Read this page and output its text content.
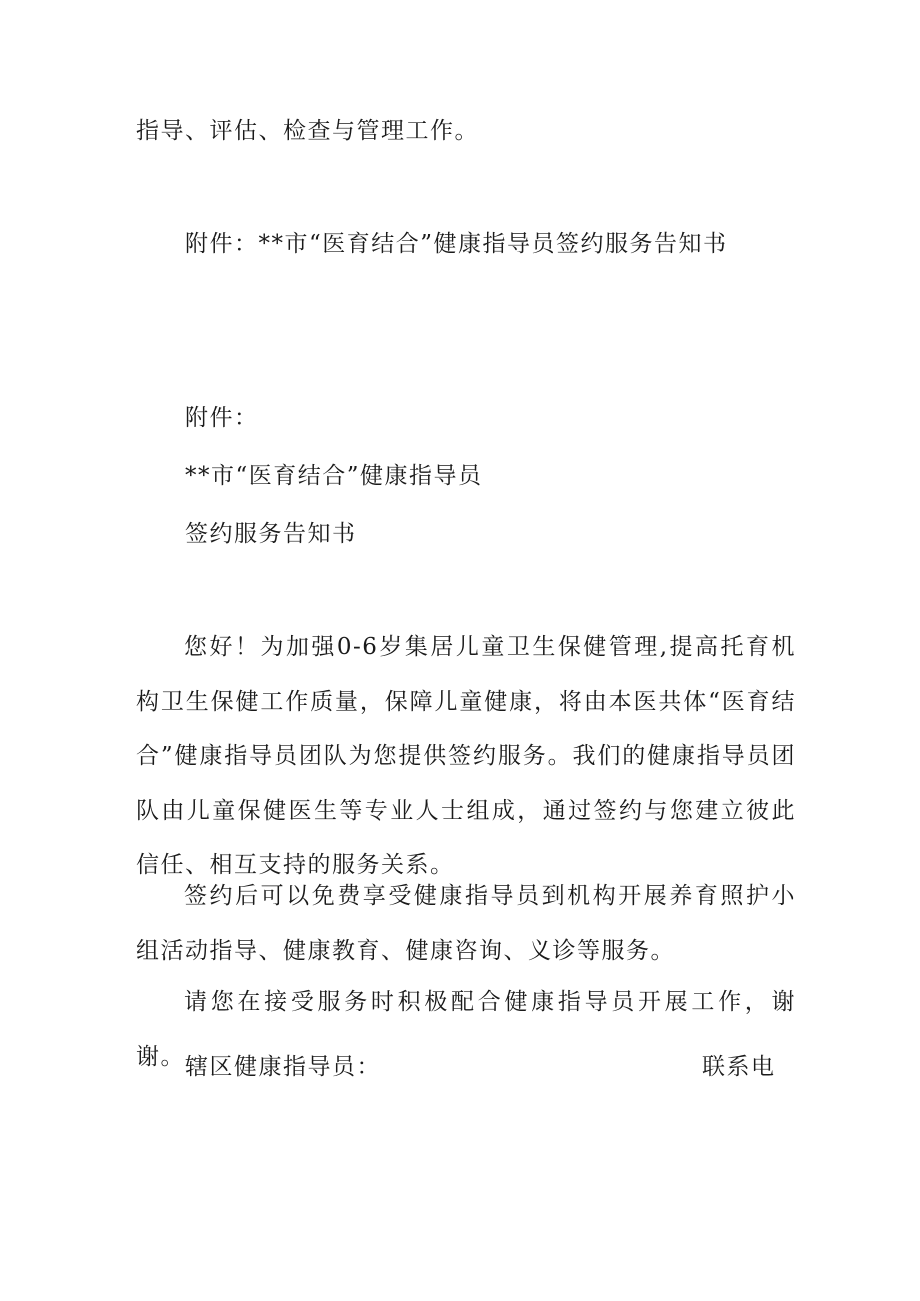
指导、评估、检查与管理工作。
附件：**市“医育结合”健康指导员签约服务告知书
附件：
**市“医育结合”健康指导员
签约服务告知书
您好！为加强0-6岁集居儿童卫生保健管理,提高托育机构卫生保健工作质量，保障儿童健康，将由本医共体“医育结合”健康指导员团队为您提供签约服务。我们的健康指导员团队由儿童保健医生等专业人士组成，通过签约与您建立彼此信任、相互支持的服务关系。
签约后可以免费享受健康指导员到机构开展养育照护小组活动指导、健康教育、健康咨询、义诊等服务。
请您在接受服务时积极配合健康指导员开展工作，谢谢。 辖区健康指导员：	联系电
